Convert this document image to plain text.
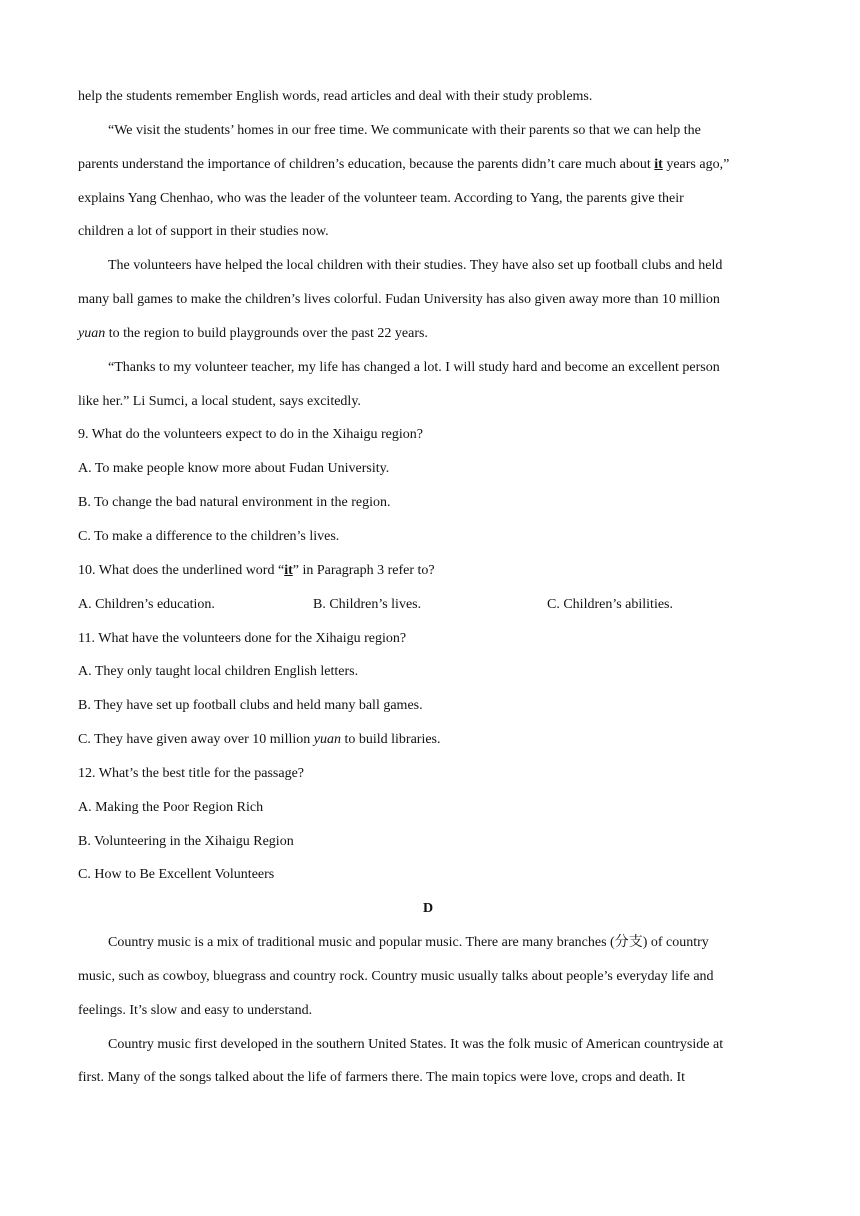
help the students remember English words, read articles and deal with their study problems.
“We visit the students’ homes in our free time. We communicate with their parents so that we can help the
parents understand the importance of children’s education, because the parents didn’t care much about it years ago,”
explains Yang Chenhao, who was the leader of the volunteer team. According to Yang, the parents give their
children a lot of support in their studies now.
The volunteers have helped the local children with their studies. They have also set up football clubs and held
many ball games to make the children’s lives colorful. Fudan University has also given away more than 10 million
yuan to the region to build playgrounds over the past 22 years.
“Thanks to my volunteer teacher, my life has changed a lot. I will study hard and become an excellent person
like her.” Li Sumci, a local student, says excitedly.
9. What do the volunteers expect to do in the Xihaigu region?
A. To make people know more about Fudan University.
B. To change the bad natural environment in the region.
C. To make a difference to the children’s lives.
10. What does the underlined word “it” in Paragraph 3 refer to?
A. Children’s education.	B. Children’s lives.	C. Children’s abilities.
11. What have the volunteers done for the Xihaigu region?
A. They only taught local children English letters.
B. They have set up football clubs and held many ball games.
C. They have given away over 10 million yuan to build libraries.
12. What’s the best title for the passage?
A. Making the Poor Region Rich
B. Volunteering in the Xihaigu Region
C. How to Be Excellent Volunteers
D
Country music is a mix of traditional music and popular music. There are many branches (分支) of country
music, such as cowboy, bluegrass and country rock. Country music usually talks about people’s everyday life and
feelings. It’s slow and easy to understand.
Country music first developed in the southern United States. It was the folk music of American countryside at
first. Many of the songs talked about the life of farmers there. The main topics were love, crops and death. It
